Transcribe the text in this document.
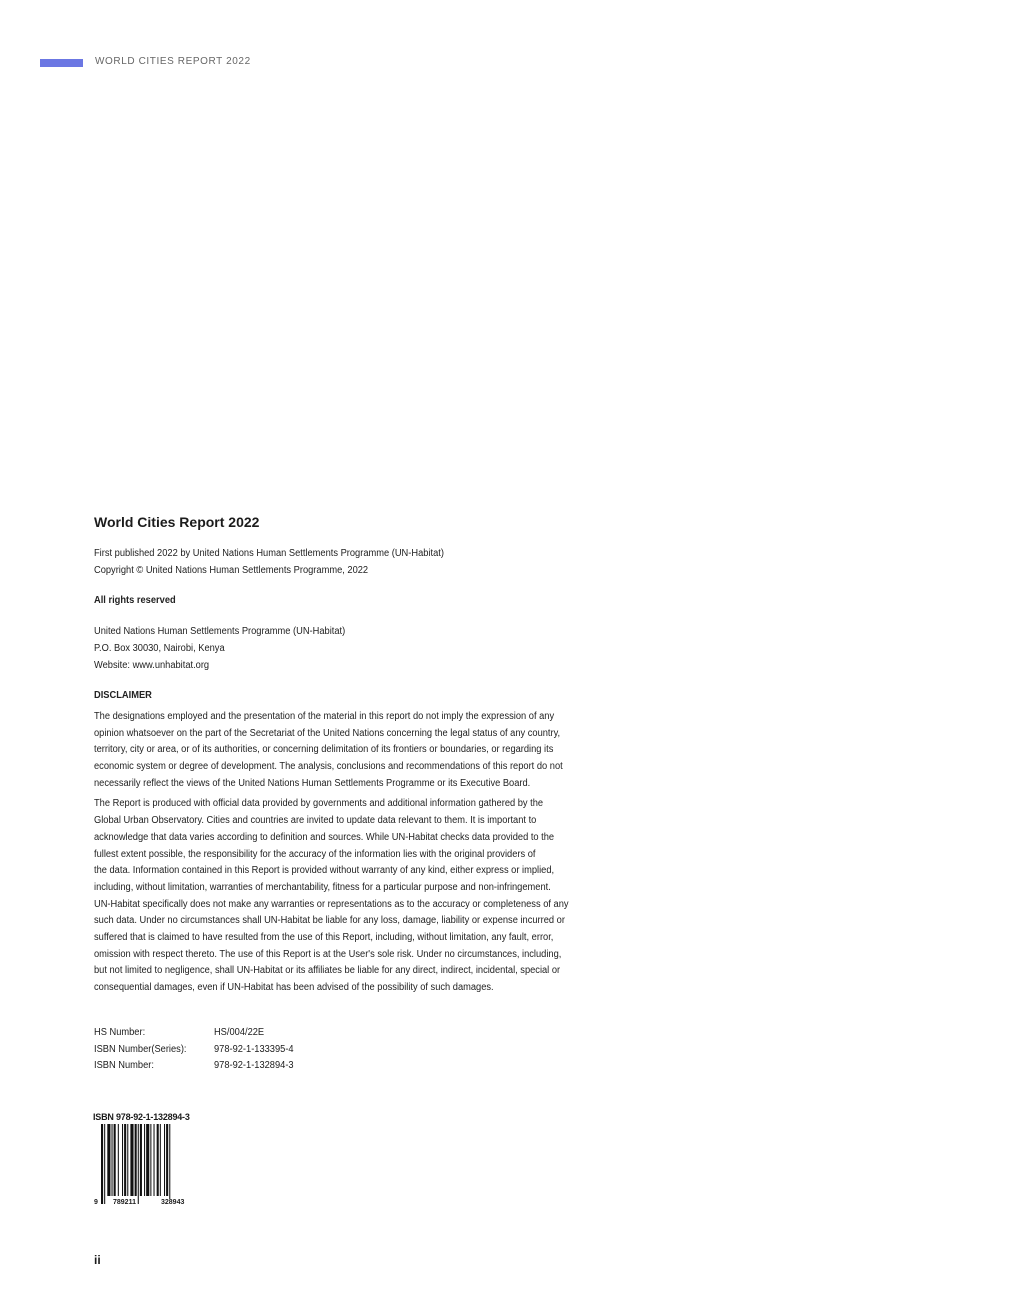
WORLD CITIES REPORT 2022
World Cities Report 2022

First published 2022 by United Nations Human Settlements Programme (UN-Habitat)

Copyright © United Nations Human Settlements Programme, 2022

All rights reserved

United Nations Human Settlements Programme (UN-Habitat)

P.O. Box 30030, Nairobi, Kenya

Website: www.unhabitat.org

DISCLAIMER

The designations employed and the presentation of the material in this report do not imply the expression of any

opinion whatsoever on the part of the Secretariat of the United Nations concerning the legal status of any country,

territory, city or area, or of its authorities, or concerning delimitation of its frontiers or boundaries, or regarding its

economic system or degree of development. The analysis, conclusions and recommendations of this report do not

necessarily reflect the views of the United Nations Human Settlements Programme or its Executive Board.

The Report is produced with official data provided by governments and additional information gathered by the

Global Urban Observatory. Cities and countries are invited to update data relevant to them. It is important to

acknowledge that data varies according to definition and sources. While UN-Habitat checks data provided to the

fullest extent possible, the responsibility for the accuracy of the information lies with the original providers of

the data. Information contained in this Report is provided without warranty of any kind, either express or implied,

including, without limitation, warranties of merchantability, fitness for a particular purpose and non-infringement.

UN-Habitat specifically does not make any warranties or representations as to the accuracy or completeness of any

such data. Under no circumstances shall UN-Habitat be liable for any loss, damage, liability or expense incurred or

suffered that is claimed to have resulted from the use of this Report, including, without limitation, any fault, error,

omission with respect thereto. The use of this Report is at the User's sole risk. Under no circumstances, including,

but not limited to negligence, shall UN-Habitat or its affiliates be liable for any direct, indirect, incidental, special or

consequential damages, even if UN-Habitat has been advised of the possibility of such damages.

HS Number:	HS/004/22E
ISBN Number(Series):	978-92-1-133395-4
ISBN Number:	978-92-1-132894-3
ISBN 978-92-1-132894-3
9 789211	328943
ii
